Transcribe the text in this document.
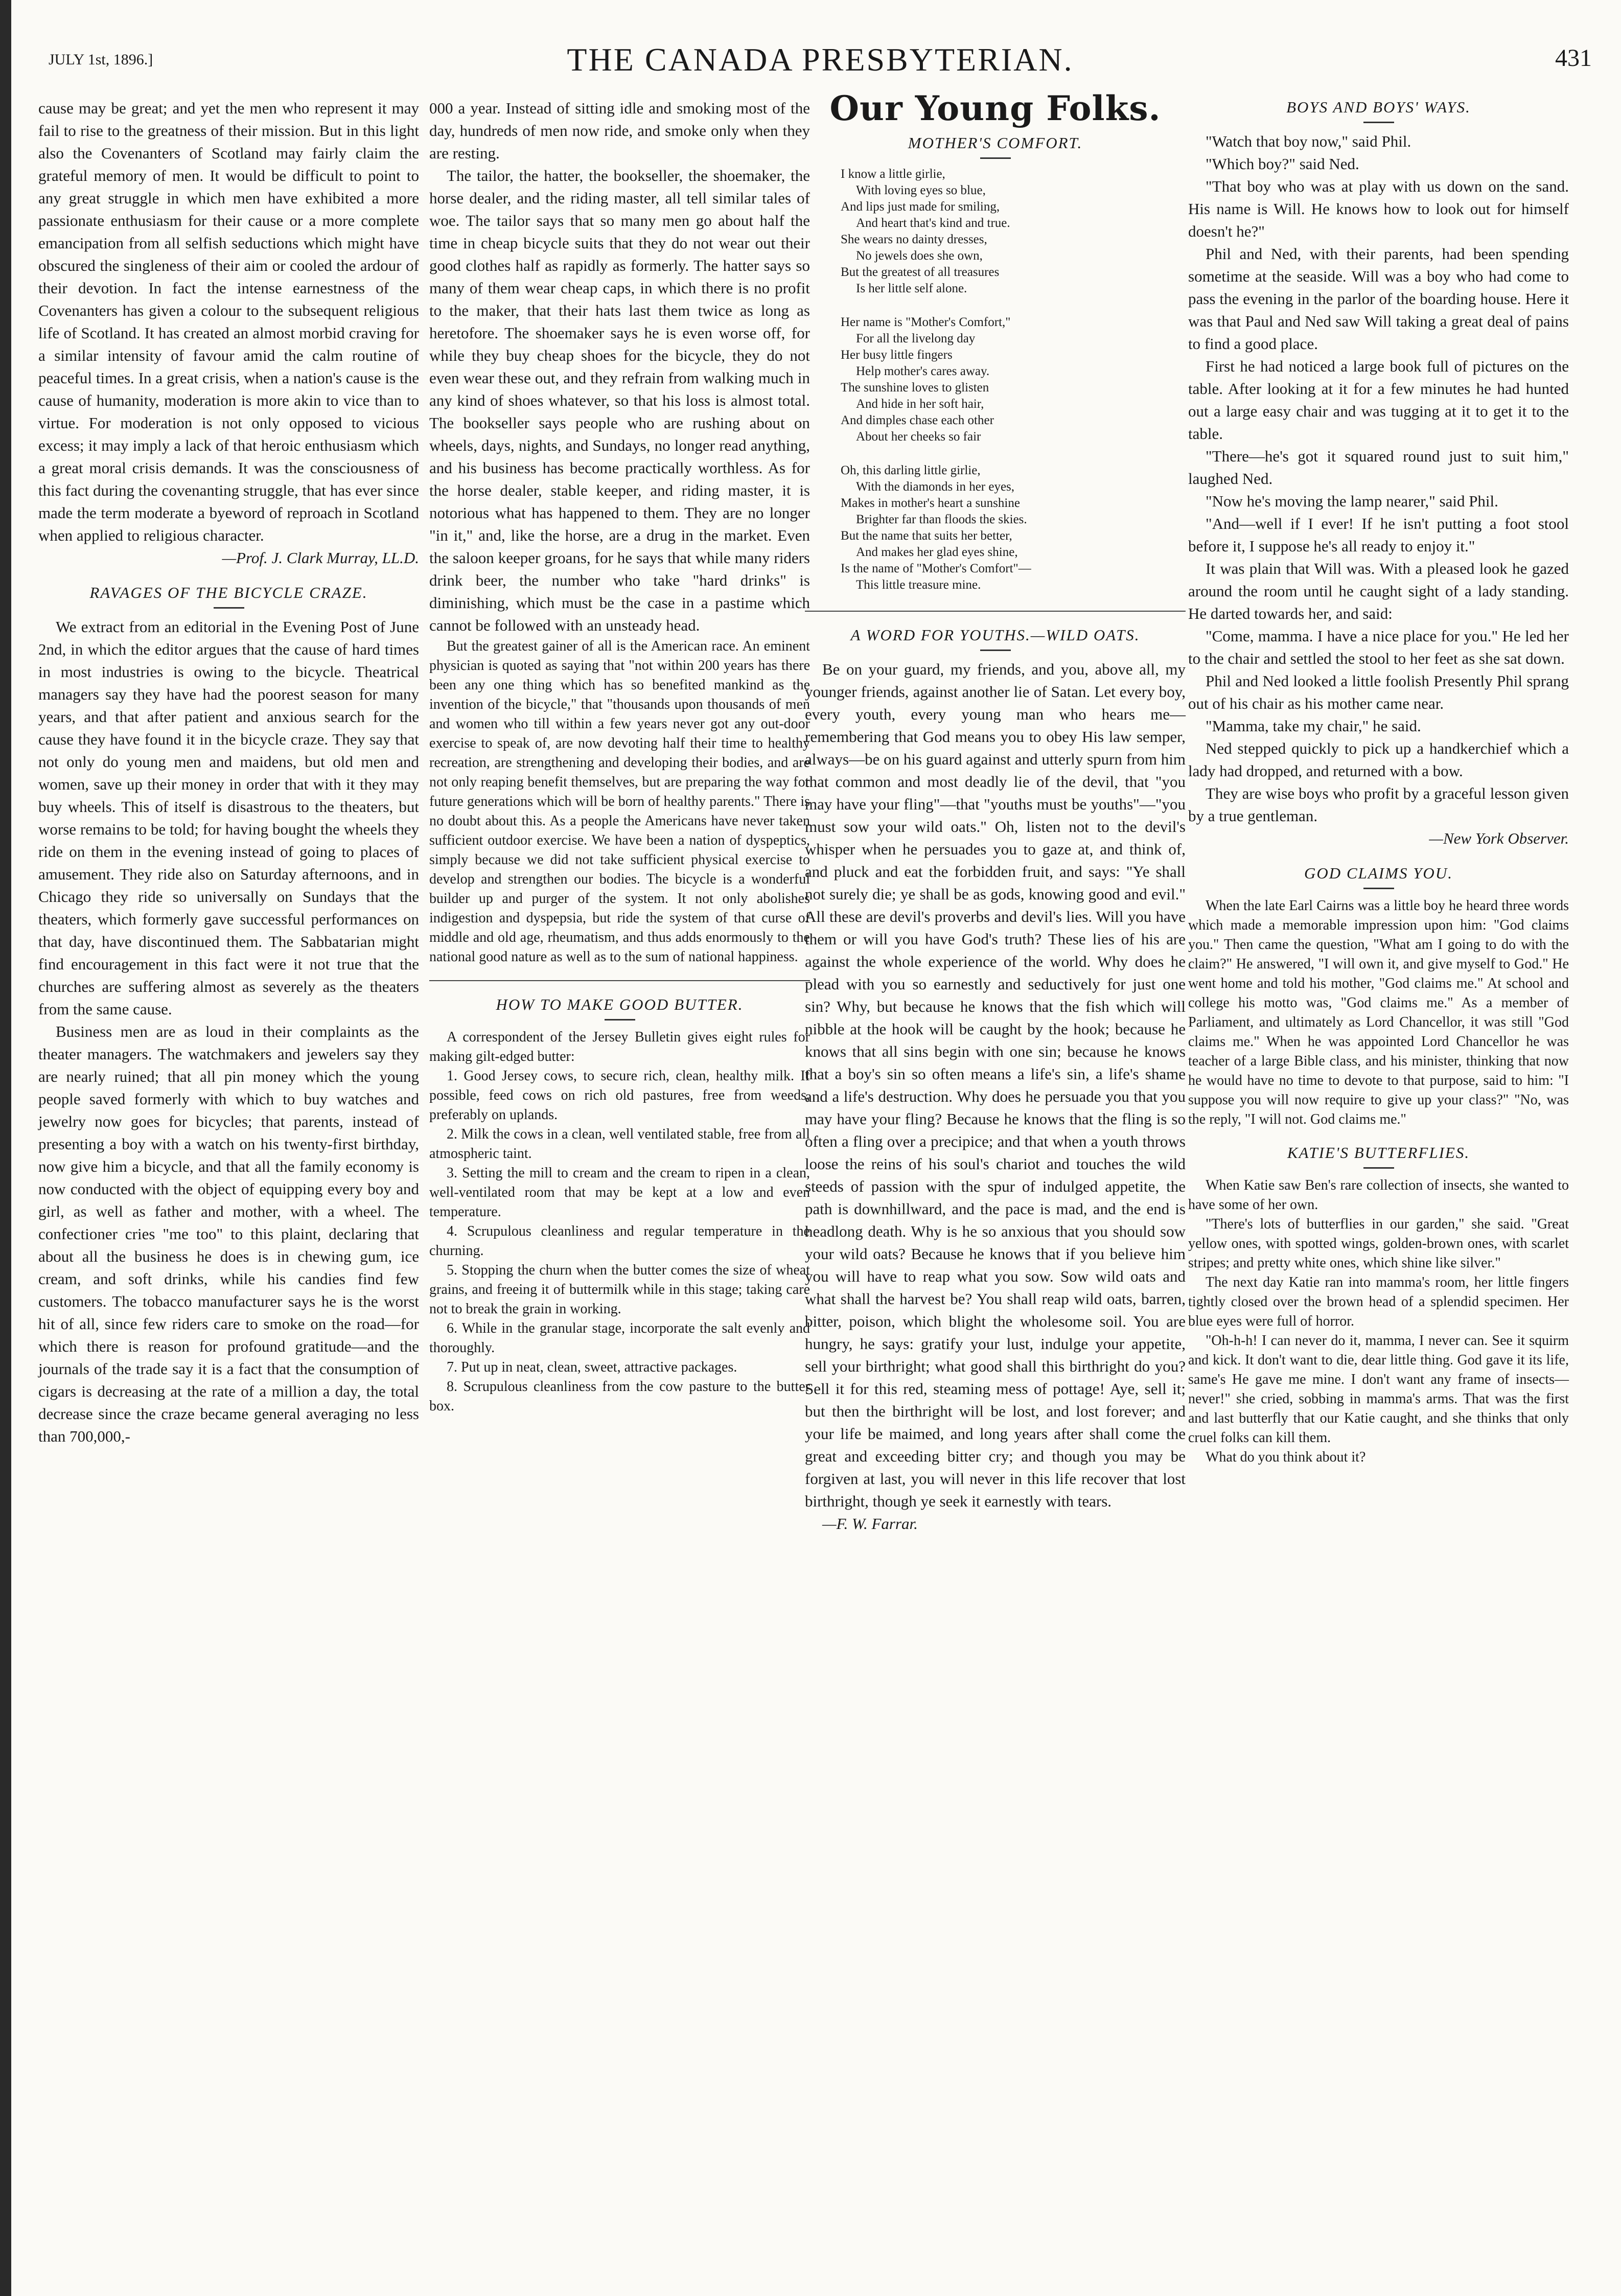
JULY 1st, 1896.]	THE CANADA PRESBYTERIAN.	431

cause may be great; and yet the men who represent it may fail to rise to the greatness of their mission. But in this light also the Covenanters of Scotland may fairly claim the grateful memory of men. It would be difficult to point to any great struggle in which men have exhibited a more passionate enthusiasm for their cause or a more complete emancipation from all selfish seductions which might have obscured the singleness of their aim or cooled the ardour of their devotion. In fact the intense earnestness of the Covenanters has given a colour to the subsequent religious life of Scotland. It has created an almost morbid craving for a similar intensity of favour amid the calm routine of peaceful times. In a great crisis, when a nation's cause is the cause of humanity, moderation is more akin to vice than to virtue. For moderation is not only opposed to vicious excess; it may imply a lack of that heroic enthusiasm which a great moral crisis demands. It was the consciousness of this fact during the covenanting struggle, that has ever since made the term moderate a byeword of reproach in Scotland when applied to religious character.

—Prof. J. Clark Murray, LL.D.
RAVAGES OF THE BICYCLE CRAZE.

We extract from an editorial in the Evening Post of June 2nd, in which the editor argues that the cause of hard times in most industries is owing to the bicycle. Theatrical managers say they have had the poorest season for many years, and that after patient and anxious search for the cause they have found it in the bicycle craze. They say that not only do young men and maidens, but old men and women, save up their money in order that with it they may buy wheels. This of itself is disastrous to the theaters, but worse remains to be told; for having bought the wheels they ride on them in the evening instead of going to places of amusement. They ride also on Saturday afternoons, and in Chicago they ride so universally on Sundays that the theaters, which formerly gave successful performances on that day, have discontinued them. The Sabbatarian might find encouragement in this fact were it not true that the churches are suffering almost as severely as the theaters from the same cause.

Business men are as loud in their complaints as the theater managers. The watchmakers and jewelers say they are nearly ruined; that all pin money which the young people saved formerly with which to buy watches and jewelry now goes for bicycles; that parents, instead of presenting a boy with a watch on his twenty-first birthday, now give him a bicycle, and that all the family economy is now conducted with the object of equipping every boy and girl, as well as father and mother, with a wheel. The confectioner cries "me too" to this plaint, declaring that about all the business he does is in chewing gum, ice cream, and soft drinks, while his candies find few customers. The tobacco manufacturer says he is the worst hit of all, since few riders care to smoke on the road—for which there is reason for profound gratitude—and the journals of the trade say it is a fact that the consumption of cigars is decreasing at the rate of a million a day, the total decrease since the craze became general averaging no less than 700,000,-

000 a year. Instead of sitting idle and smoking most of the day, hundreds of men now ride, and smoke only when they are resting.

The tailor, the hatter, the bookseller, the shoemaker, the horse dealer, and the riding master, all tell similar tales of woe. The tailor says that so many men go about half the time in cheap bicycle suits that they do not wear out their good clothes half as rapidly as formerly. The hatter says so many of them wear cheap caps, in which there is no profit to the maker, that their hats last them twice as long as heretofore. The shoemaker says he is even worse off, for while they buy cheap shoes for the bicycle, they do not even wear these out, and they refrain from walking much in any kind of shoes whatever, so that his loss is almost total. The bookseller says people who are rushing about on wheels, days, nights, and Sundays, no longer read anything, and his business has become practically worthless. As for the horse dealer, stable keeper, and riding master, it is notorious what has happened to them. They are no longer "in it," and, like the horse, are a drug in the market. Even the saloon keeper groans, for he says that while many riders drink beer, the number who take "hard drinks" is diminishing, which must be the case in a pastime which cannot be followed with an unsteady head.

But the greatest gainer of all is the American race. An eminent physician is quoted as saying that "not within 200 years has there been any one thing which has so benefited mankind as the invention of the bicycle," that "thousands upon thousands of men and women who till within a few years never got any out-door exercise to speak of, are now devoting half their time to healthy recreation, are strengthening and developing their bodies, and are not only reaping benefit themselves, but are preparing the way for future generations which will be born of healthy parents." There is no doubt about this. As a people the Americans have never taken sufficient outdoor exercise. We have been a nation of dyspeptics, simply because we did not take sufficient physical exercise to develop and strengthen our bodies. The bicycle is a wonderful builder up and purger of the system. It not only abolishes indigestion and dyspepsia, but ride the system of that curse of middle and old age, rheumatism, and thus adds enormously to the national good nature as well as to the sum of national happiness.

HOW TO MAKE GOOD BUTTER.

A correspondent of the Jersey Bulletin gives eight rules for making gilt-edged butter:

1. Good Jersey cows, to secure rich, clean, healthy milk. If possible, feed cows on rich old pastures, free from weeds, preferably on uplands.

2. Milk the cows in a clean, well ventilated stable, free from all atmospheric taint.

3. Setting the mill to cream and the cream to ripen in a clean, well-ventilated room that may be kept at a low and even temperature.

4. Scrupulous cleanliness and regular temperature in the churning.

5. Stopping the churn when the butter comes the size of wheat grains, and freeing it of buttermilk while in this stage; taking care not to break the grain in working.

6. While in the granular stage, incorporate the salt evenly and thoroughly.

7. Put up in neat, clean, sweet, attractive packages.

8. Scrupulous cleanliness from the cow pasture to the butter box.

Our Young Folks.
MOTHER'S COMFORT.
I know a little girlie,
With loving eyes so blue,
And lips just made for smiling,
And heart that's kind and true.
She wears no dainty dresses,
No jewels does she own,
But the greatest of all treasures
Is her little self alone.
Her name is "Mother's Comfort,"
For all the livelong day
Her busy little fingers
Help mother's cares away.
The sunshine loves to glisten
And hide in her soft hair,
And dimples chase each other
About her cheeks so fair
Oh, this darling little girlie,
With the diamonds in her eyes,
Makes in mother's heart a sunshine
Brighter far than floods the skies.
But the name that suits her better,
And makes her glad eyes shine,
Is the name of "Mother's Comfort"—
This little treasure mine.
A WORD FOR YOUTHS.—WILD OATS.

Be on your guard, my friends, and you, above all, my younger friends, against another lie of Satan. Let every boy, every youth, every young man who hears me—remembering that God means you to obey His law semper, always—be on his guard against and utterly spurn from him that common and most deadly lie of the devil, that "you may have your fling"—that "youths must be youths"—"you must sow your wild oats." Oh, listen not to the devil's whisper when he persuades you to gaze at, and think of, and pluck and eat the forbidden fruit, and says: "Ye shall not surely die; ye shall be as gods, knowing good and evil." All these are devil's proverbs and devil's lies. Will you have them or will you have God's truth? These lies of his are against the whole experience of the world. Why does he plead with you so earnestly and seductively for just one sin? Why, but because he knows that the fish which will nibble at the hook will be caught by the hook; because he knows that all sins begin with one sin; because he knows that a boy's sin so often means a life's sin, a life's shame and a life's destruction. Why does he persuade you that you may have your fling? Because he knows that the fling is so often a fling over a precipice; and that when a youth throws loose the reins of his soul's chariot and touches the wild steeds of passion with the spur of indulged appetite, the path is downhillward, and the pace is mad, and the end is headlong death. Why is he so anxious that you should sow your wild oats? Because he knows that if you believe him you will have to reap what you sow. Sow wild oats and what shall the harvest be? You shall reap wild oats, barren, bitter, poison, which blight the wholesome soil. You are hungry, he says: gratify your lust, indulge your appetite, sell your birthright; what good shall this birthright do you? Sell it for this red, steaming mess of pottage! Aye, sell it; but then the birthright will be lost, and lost forever; and your life be maimed, and long years after shall come the great and exceeding bitter cry; and though you may be forgiven at last, you will never in this life recover that lost birthright, though ye seek it earnestly with tears.

—F. W. Farrar.
BOYS AND BOYS' WAYS.

"Watch that boy now," said Phil.

"Which boy?" said Ned.

"That boy who was at play with us down on the sand. His name is Will. He knows how to look out for himself doesn't he?"

Phil and Ned, with their parents, had been spending sometime at the seaside. Will was a boy who had come to pass the evening in the parlor of the boarding house. Here it was that Paul and Ned saw Will taking a great deal of pains to find a good place.

First he had noticed a large book full of pictures on the table. After looking at it for a few minutes he had hunted out a large easy chair and was tugging at it to get it to the table.

"There—he's got it squared round just to suit him," laughed Ned.

"Now he's moving the lamp nearer," said Phil.

"And—well if I ever! If he isn't putting a foot stool before it, I suppose he's all ready to enjoy it."

It was plain that Will was. With a pleased look he gazed around the room until he caught sight of a lady standing. He darted towards her, and said:

"Come, mamma. I have a nice place for you." He led her to the chair and settled the stool to her feet as she sat down.

Phil and Ned looked a little foolish Presently Phil sprang out of his chair as his mother came near.

"Mamma, take my chair," he said.

Ned stepped quickly to pick up a handkerchief which a lady had dropped, and returned with a bow.

They are wise boys who profit by a graceful lesson given by a true gentleman.

—New York Observer.
GOD CLAIMS YOU.

When the late Earl Cairns was a little boy he heard three words which made a memorable impression upon him: "God claims you." Then came the question, "What am I going to do with the claim?" He answered, "I will own it, and give myself to God." He went home and told his mother, "God claims me." At school and college his motto was, "God claims me." As a member of Parliament, and ultimately as Lord Chancellor, it was still "God claims me." When he was appointed Lord Chancellor he was teacher of a large Bible class, and his minister, thinking that now he would have no time to devote to that purpose, said to him: "I suppose you will now require to give up your class?" "No, was the reply, "I will not. God claims me."

KATIE'S BUTTERFLIES.

When Katie saw Ben's rare collection of insects, she wanted to have some of her own.

"There's lots of butterflies in our garden," she said. "Great yellow ones, with spotted wings, golden-brown ones, with scarlet stripes; and pretty white ones, which shine like silver."

The next day Katie ran into mamma's room, her little fingers tightly closed over the brown head of a splendid specimen. Her blue eyes were full of horror.

"Oh-h-h! I can never do it, mamma, I never can. See it squirm and kick. It don't want to die, dear little thing. God gave it its life, same's He gave me mine. I don't want any frame of insects—never!" she cried, sobbing in mamma's arms. That was the first and last butterfly that our Katie caught, and she thinks that only cruel folks can kill them.

What do you think about it?
